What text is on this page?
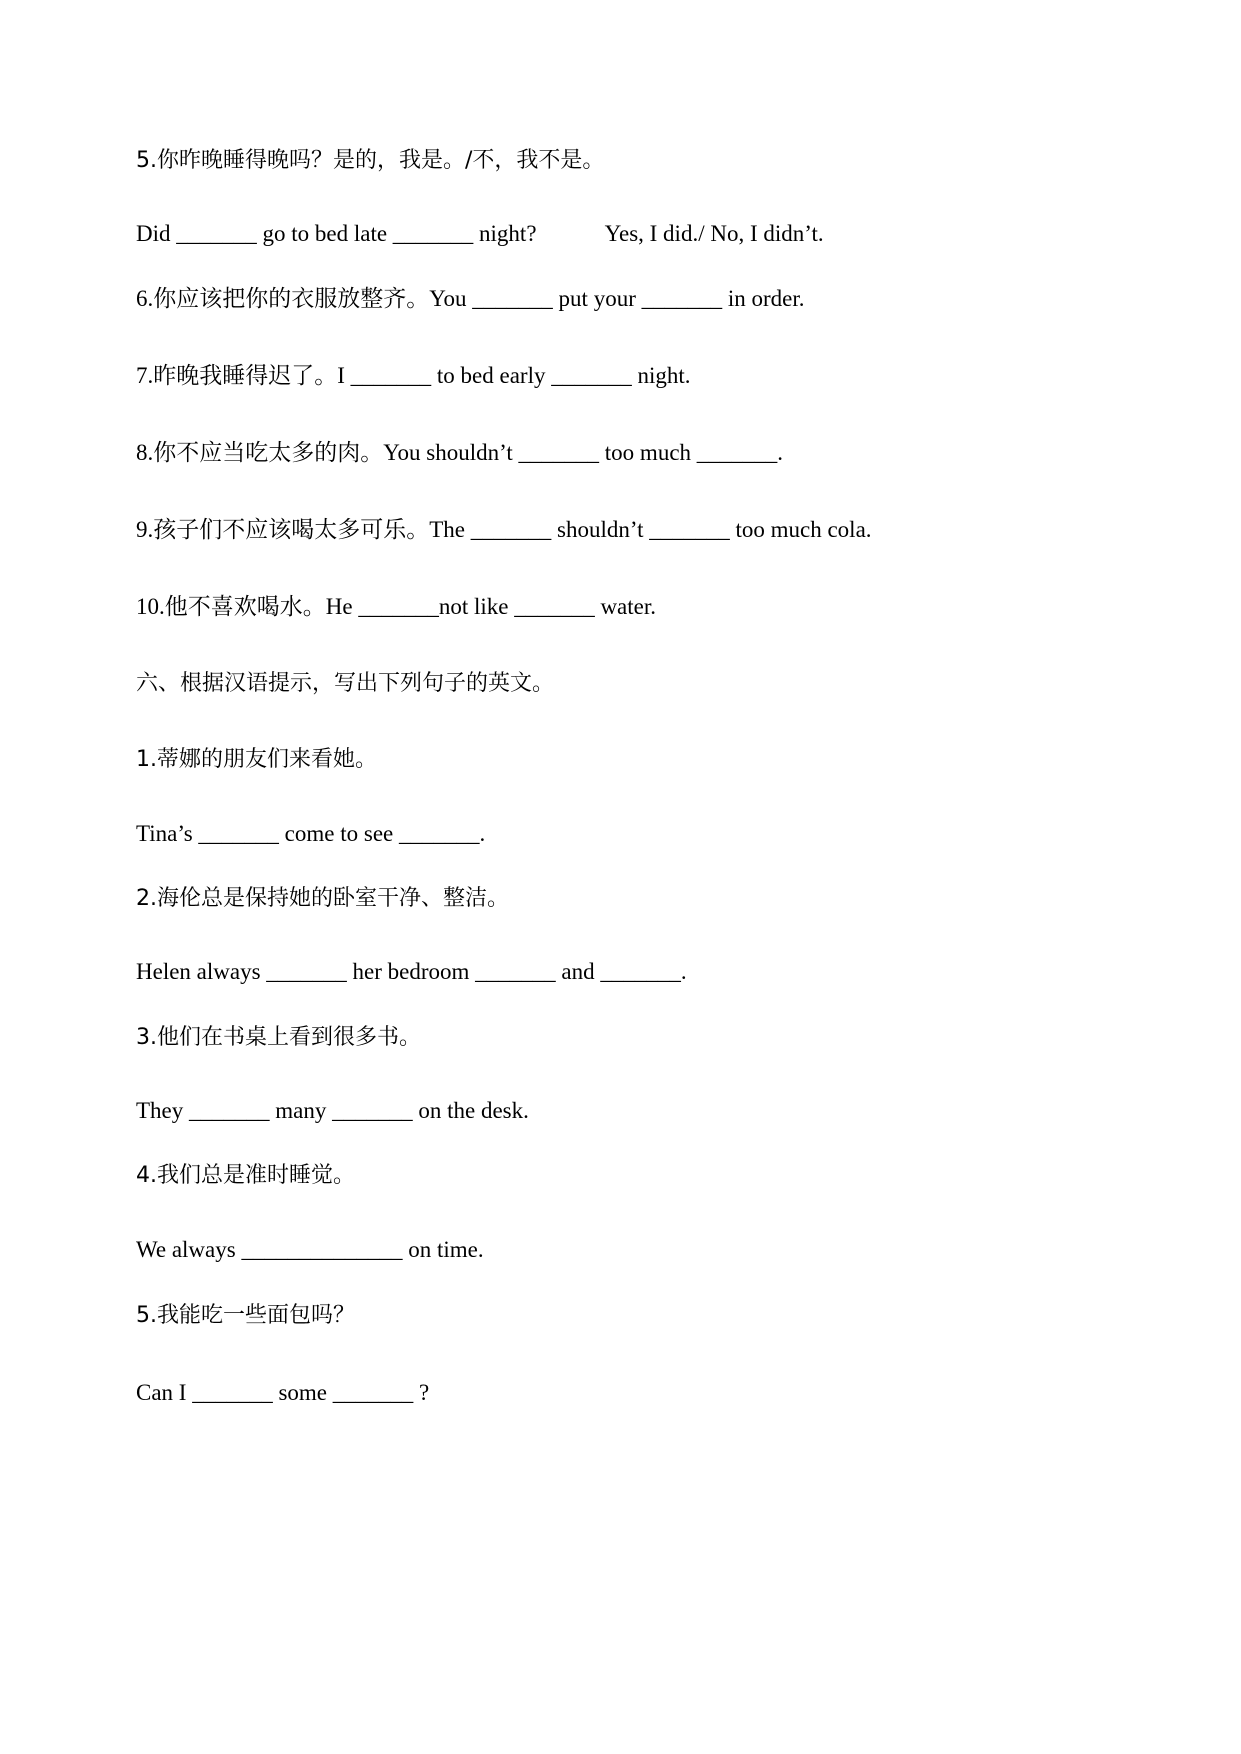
5.你昨晚睡得晚吗？是的，我是。/不，我不是。
Did _______ go to bed late _______ night?            Yes, I did./ No, I didn’t.
6.你应该把你的衣服放整齐。You _______ put your _______ in order.
7.昨晚我睡得迟了。I _______ to bed early _______ night.
8.你不应当吃太多的肉。You shouldn’t _______ too much _______.
9.孩子们不应该喝太多可乐。The _______ shouldn’t _______ too much cola.
10.他不喜欢喝水。He _______not like _______ water.
六、根据汉语提示，写出下列句子的英文。
1.蒂娜的朋友们来看她。
Tina’s _______ come to see _______.
2.海伦总是保持她的卧室干净、整洁。
Helen always _______ her bedroom _______ and _______.
3.他们在书桌上看到很多书。
They _______ many _______ on the desk.
4.我们总是准时睡觉。
We always ______________ on time.
5.我能吃一些面包吗？
Can I _______ some _______ ?
